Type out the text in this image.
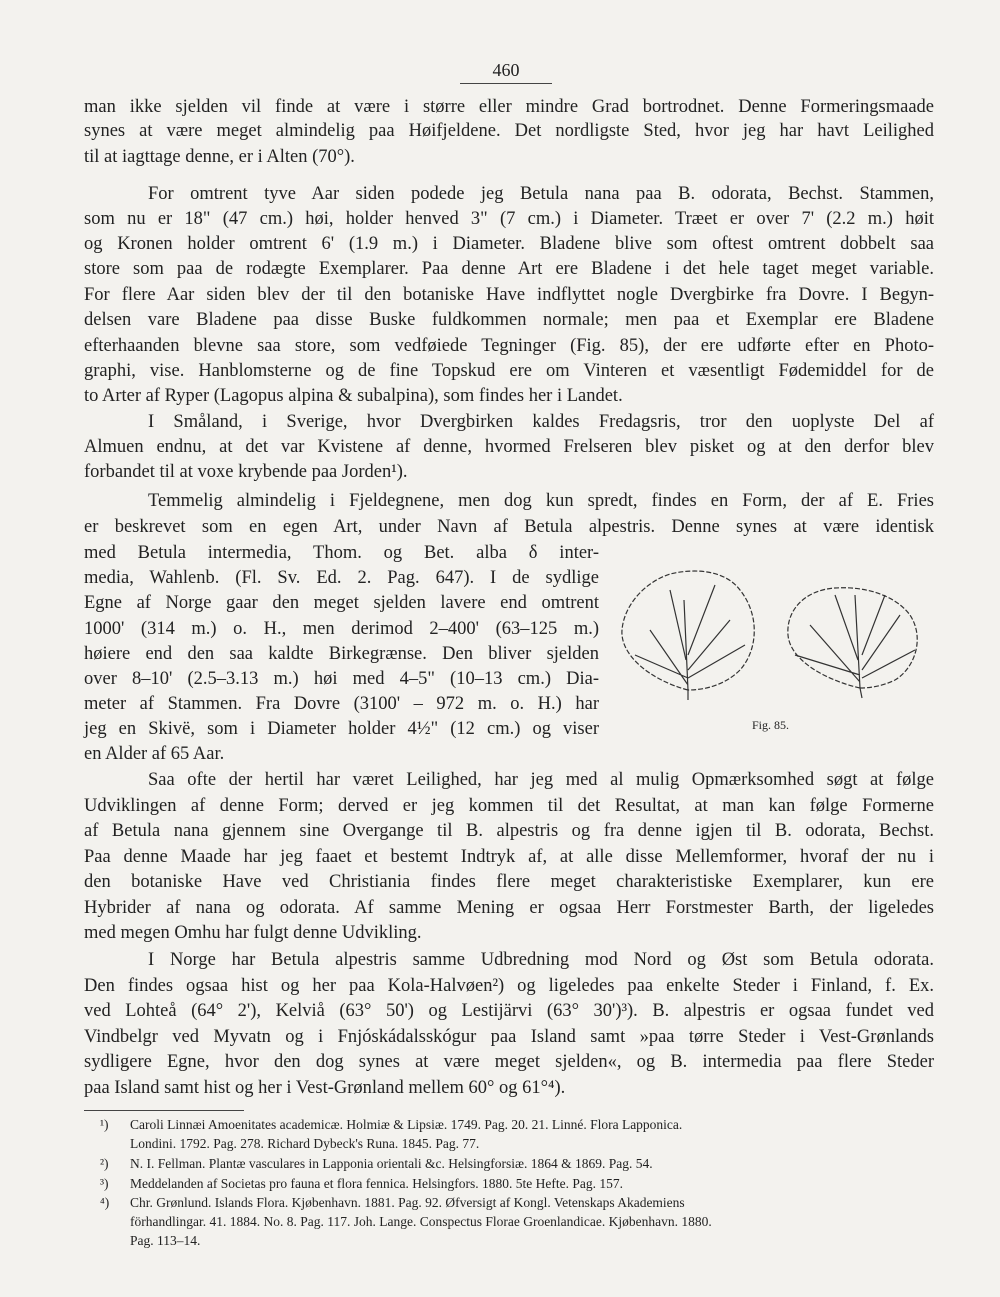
460
man ikke sjelden vil finde at være i større eller mindre Grad bortrodnet. Denne Formeringsmaade
synes at være meget almindelig paa Høifjeldene. Det nordligste Sted, hvor jeg har havt Leilighed
til at iagttage denne, er i Alten (70°).
For omtrent tyve Aar siden podede jeg Betula nana paa B. odorata, Bechst. Stammen,
som nu er 18" (47 cm.) høi, holder henved 3" (7 cm.) i Diameter. Træet er over 7' (2.2 m.) høit
og Kronen holder omtrent 6' (1.9 m.) i Diameter. Bladene blive som oftest omtrent dobbelt saa
store som paa de rodægte Exemplarer. Paa denne Art ere Bladene i det hele taget meget variable.
For flere Aar siden blev der til den botaniske Have indflyttet nogle Dvergbirke fra Dovre. I Begyn-
delsen vare Bladene paa disse Buske fuldkommen normale; men paa et Exemplar ere Bladene
efterhaanden blevne saa store, som vedføiede Tegninger (Fig. 85), der ere udførte efter en Photo-
graphi, vise. Hanblomsterne og de fine Topskud ere om Vinteren et væsentligt Fødemiddel for de
to Arter af Ryper (Lagopus alpina & subalpina), som findes her i Landet.
I Småland, i Sverige, hvor Dvergbirken kaldes Fredagsris, tror den uoplyste Del af
Almuen endnu, at det var Kvistene af denne, hvormed Frelseren blev pisket og at den derfor blev
forbandet til at voxe krybende paa Jorden¹).
Temmelig almindelig i Fjeldegnene, men dog kun spredt, findes en Form, der af E. Fries
er beskrevet som en egen Art, under Navn af Betula alpestris. Denne synes at være identisk
med Betula intermedia, Thom. og Bet. alba δ inter-
media, Wahlenb. (Fl. Sv. Ed. 2. Pag. 647). I de sydlige
Egne af Norge gaar den meget sjelden lavere end omtrent
1000' (314 m.) o. H., men derimod 2–400' (63–125 m.)
høiere end den saa kaldte Birkegrænse. Den bliver sjelden
over 8–10' (2.5–3.13 m.) høi med 4–5" (10–13 cm.) Dia-
meter af Stammen. Fra Dovre (3100' – 972 m. o. H.) har
jeg en Skivë, som i Diameter holder 4½" (12 cm.) og viser
en Alder af 65 Aar.
Saa ofte der hertil har været Leilighed, har jeg med al mulig Opmærksomhed søgt at følge
Udviklingen af denne Form; derved er jeg kommen til det Resultat, at man kan følge Formerne
af Betula nana gjennem sine Overgange til B. alpestris og fra denne igjen til B. odorata, Bechst.
Paa denne Maade har jeg faaet et bestemt Indtryk af, at alle disse Mellemformer, hvoraf der nu i
den botaniske Have ved Christiania findes flere meget charakteristiske Exemplarer, kun ere
Hybrider af nana og odorata. Af samme Mening er ogsaa Herr Forstmester Barth, der ligeledes
med megen Omhu har fulgt denne Udvikling.
I Norge har Betula alpestris samme Udbredning mod Nord og Øst som Betula odorata.
Den findes ogsaa hist og her paa Kola-Halvøen²) og ligeledes paa enkelte Steder i Finland, f. Ex.
ved Lohteå (64° 2'), Kelviå (63° 50') og Lestijärvi (63° 30')³). B. alpestris er ogsaa fundet ved
Vindbelgr ved Myvatn og i Fnjóskádalsskógur paa Island samt »paa tørre Steder i Vest-Grønlands
sydligere Egne, hvor den dog synes at være meget sjelden«, og B. intermedia paa flere Steder
paa Island samt hist og her i Vest-Grønland mellem 60° og 61°⁴).
Fig. 85.
¹) Caroli Linnæi Amoenitates academicæ. Holmiæ & Lipsiæ. 1749. Pag. 20. 21. Linné. Flora Lapponica.
Londini. 1792. Pag. 278. Richard Dybeck's Runa. 1845. Pag. 77.
²) N. I. Fellman. Plantæ vasculares in Lapponia orientali &c. Helsingforsiæ. 1864 & 1869. Pag. 54.
³) Meddelanden af Societas pro fauna et flora fennica. Helsingfors. 1880. 5te Hefte. Pag. 157.
⁴) Chr. Grønlund. Islands Flora. Kjøbenhavn. 1881. Pag. 92. Øfversigt af Kongl. Vetenskaps Akademiens
förhandlingar. 41. 1884. No. 8. Pag. 117. Joh. Lange. Conspectus Florae Groenlandicae. Kjøbenhavn. 1880.
Pag. 113–14.
